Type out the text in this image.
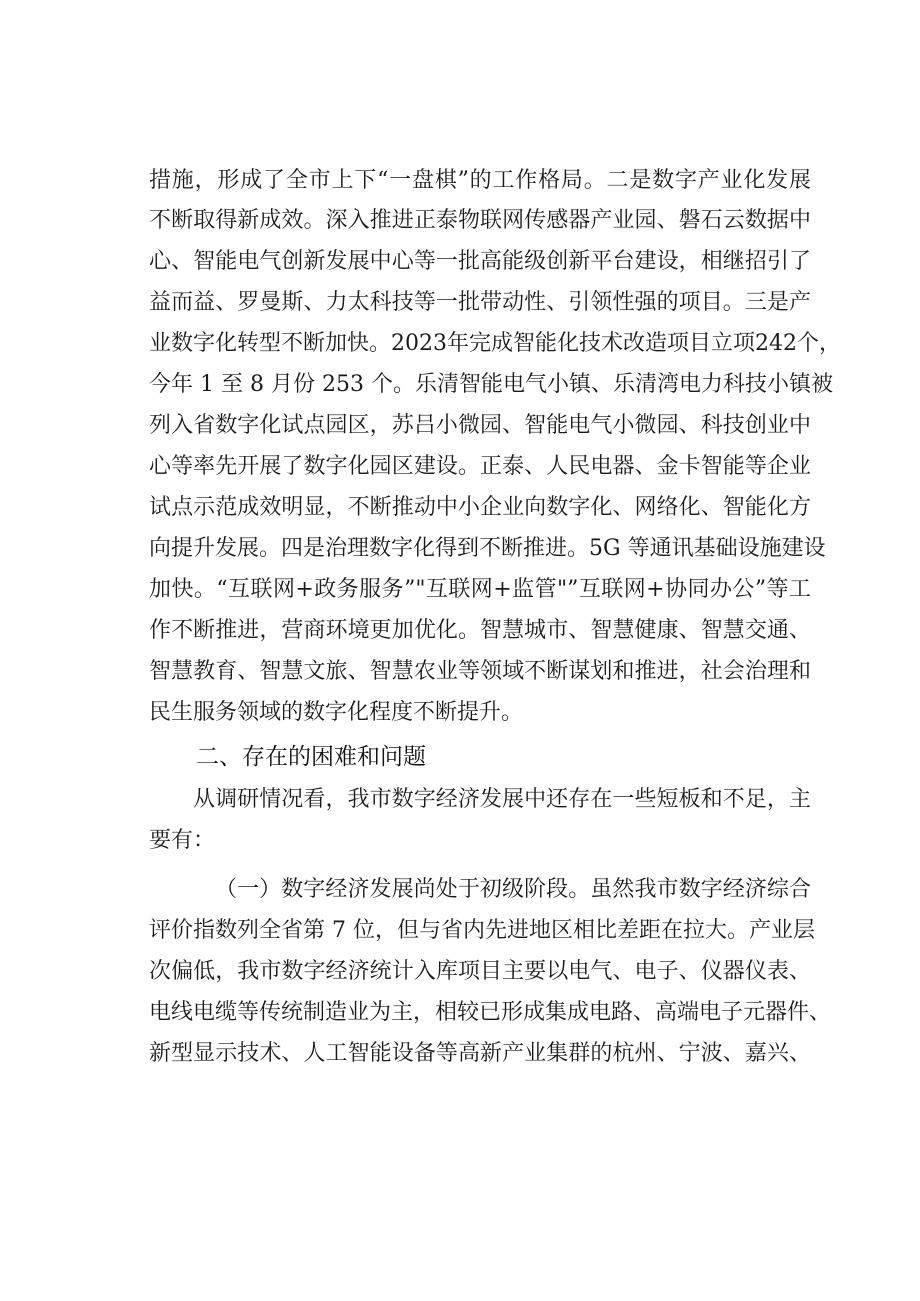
措施，形成了全市上下“一盘棋”的工作格局。二是数字产业化发展
不断取得新成效。深入推进正泰物联网传感器产业园、磐石云数据中
心、智能电气创新发展中心等一批高能级创新平台建设，相继招引了
益而益、罗曼斯、力太科技等一批带动性、引领性强的项目。三是产
业数字化转型不断加快。2023年完成智能化技术改造项目立项242个，
今年 1 至 8 月份 253 个。乐清智能电气小镇、乐清湾电力科技小镇被
列入省数字化试点园区，苏吕小微园、智能电气小微园、科技创业中
心等率先开展了数字化园区建设。正泰、人民电器、金卡智能等企业
试点示范成效明显，不断推动中小企业向数字化、网络化、智能化方
向提升发展。四是治理数字化得到不断推进。5G 等通讯基础设施建设
加快。“互联网+政务服务”"互联网+监管"”互联网+协同办公”等工
作不断推进，营商环境更加优化。智慧城市、智慧健康、智慧交通、
智慧教育、智慧文旅、智慧农业等领域不断谋划和推进，社会治理和
民生服务领域的数字化程度不断提升。
二、存在的困难和问题
从调研情况看，我市数字经济发展中还存在一些短板和不足，主
要有：
（一）数字经济发展尚处于初级阶段。虽然我市数字经济综合
评价指数列全省第 7 位，但与省内先进地区相比差距在拉大。产业层
次偏低，我市数字经济统计入库项目主要以电气、电子、仪器仪表、
电线电缆等传统制造业为主，相较已形成集成电路、高端电子元器件、
新型显示技术、人工智能设备等高新产业集群的杭州、宁波、嘉兴、
